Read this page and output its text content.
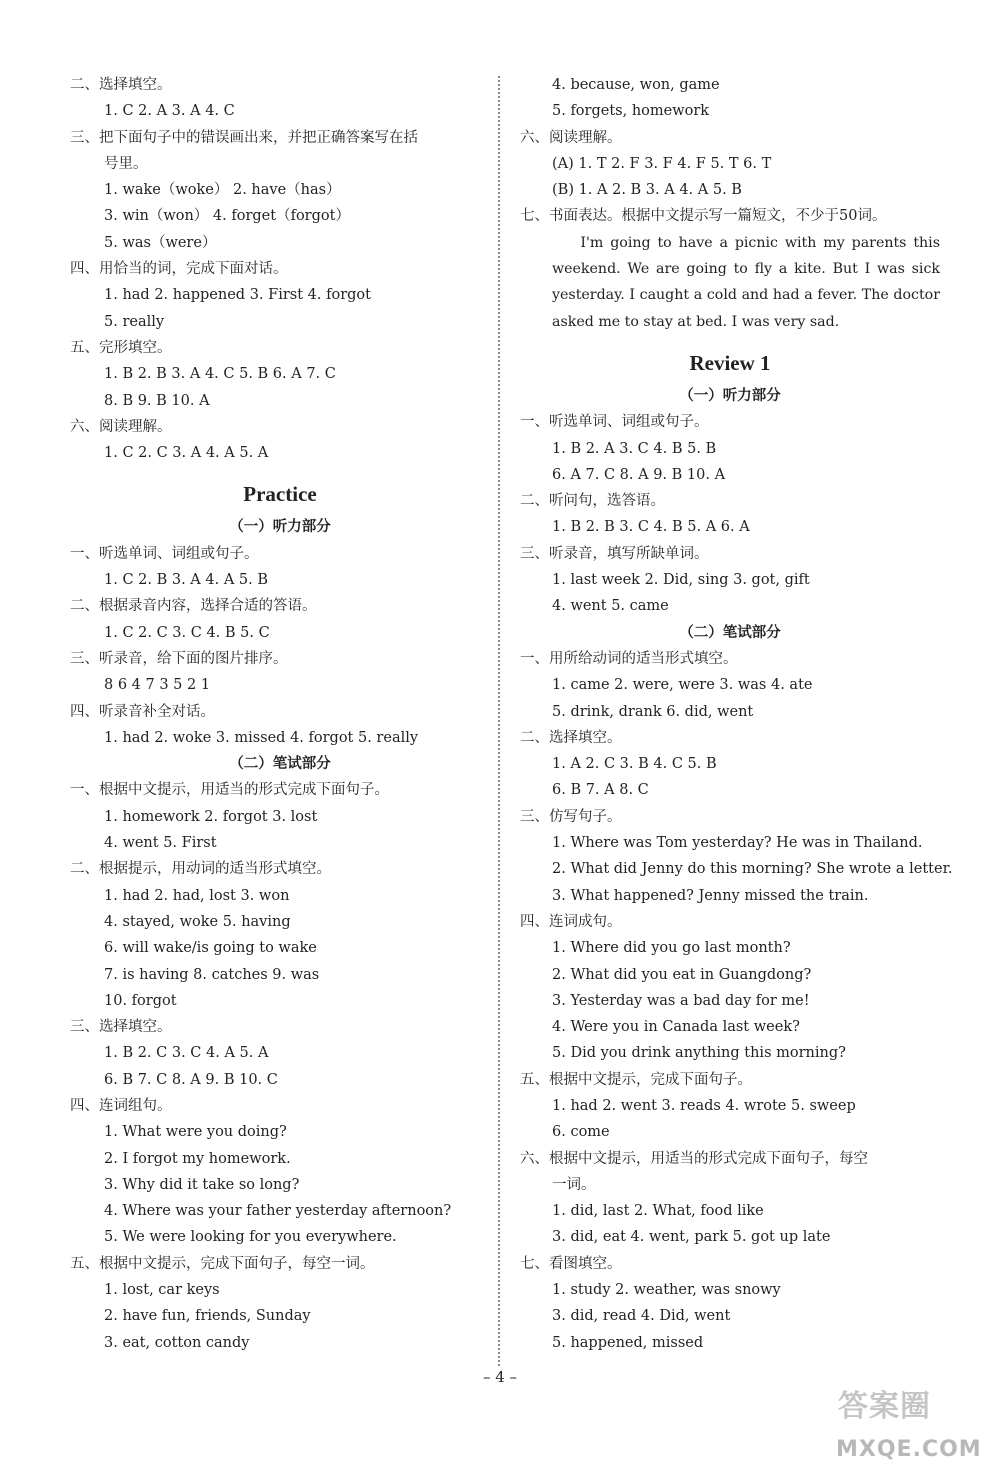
二、选择填空。
1. C 2. A 3. A 4. C
三、把下面句子中的错误画出来，并把正确答案写在括
号里。
1. wake（woke） 2. have（has）
3. win（won） 4. forget（forgot）
5. was（were）
四、用恰当的词，完成下面对话。
1. had 2. happened 3. First 4. forgot
5. really
五、完形填空。
1. B 2. B 3. A 4. C 5. B 6. A 7. C
8. B 9. B 10. A
六、阅读理解。
1. C 2. C 3. A 4. A 5. A
Practice
（一）听力部分
一、听选单词、词组或句子。
1. C 2. B 3. A 4. A 5. B
二、根据录音内容，选择合适的答语。
1. C 2. C 3. C 4. B 5. C
三、听录音，给下面的图片排序。
8 6 4 7 3 5 2 1
四、听录音补全对话。
1. had 2. woke 3. missed 4. forgot 5. really
（二）笔试部分
一、根据中文提示，用适当的形式完成下面句子。
1. homework 2. forgot 3. lost
4. went 5. First
二、根据提示，用动词的适当形式填空。
1. had 2. had, lost 3. won
4. stayed, woke 5. having
6. will wake/is going to wake
7. is having 8. catches 9. was
10. forgot
三、选择填空。
1. B 2. C 3. C 4. A 5. A
6. B 7. C 8. A 9. B 10. C
四、连词组句。
1. What were you doing?
2. I forgot my homework.
3. Why did it take so long?
4. Where was your father yesterday afternoon?
5. We were looking for you everywhere.
五、根据中文提示，完成下面句子，每空一词。
1. lost, car keys
2. have fun, friends, Sunday
3. eat, cotton candy
4. because, won, game
5. forgets, homework
六、阅读理解。
(A) 1. T 2. F 3. F 4. F 5. T 6. T
(B) 1. A 2. B 3. A 4. A 5. B
七、书面表达。根据中文提示写一篇短文，不少于50词。
I'm going to have a picnic with my parents this weekend. We are going to fly a kite. But I was sick yesterday. I caught a cold and had a fever. The doctor asked me to stay at bed. I was very sad.
Review 1
（一）听力部分
一、听选单词、词组或句子。
1. B 2. A 3. C 4. B 5. B
6. A 7. C 8. A 9. B 10. A
二、听问句，选答语。
1. B 2. B 3. C 4. B 5. A 6. A
三、听录音，填写所缺单词。
1. last week 2. Did, sing 3. got, gift
4. went 5. came
（二）笔试部分
一、用所给动词的适当形式填空。
1. came 2. were, were 3. was 4. ate
5. drink, drank 6. did, went
二、选择填空。
1. A 2. C 3. B 4. C 5. B
6. B 7. A 8. C
三、仿写句子。
1. Where was Tom yesterday? He was in Thailand.
2. What did Jenny do this morning? She wrote a letter.
3. What happened? Jenny missed the train.
四、连词成句。
1. Where did you go last month?
2. What did you eat in Guangdong?
3. Yesterday was a bad day for me!
4. Were you in Canada last week?
5. Did you drink anything this morning?
五、根据中文提示，完成下面句子。
1. had 2. went 3. reads 4. wrote 5. sweep
6. come
六、根据中文提示，用适当的形式完成下面句子，每空
一词。
1. did, last 2. What, food like
3. did, eat 4. went, park 5. got up late
七、看图填空。
1. study 2. weather, was snowy
3. did, read 4. Did, went
5. happened, missed
– 4 –
答案圈
MXQE.COM
